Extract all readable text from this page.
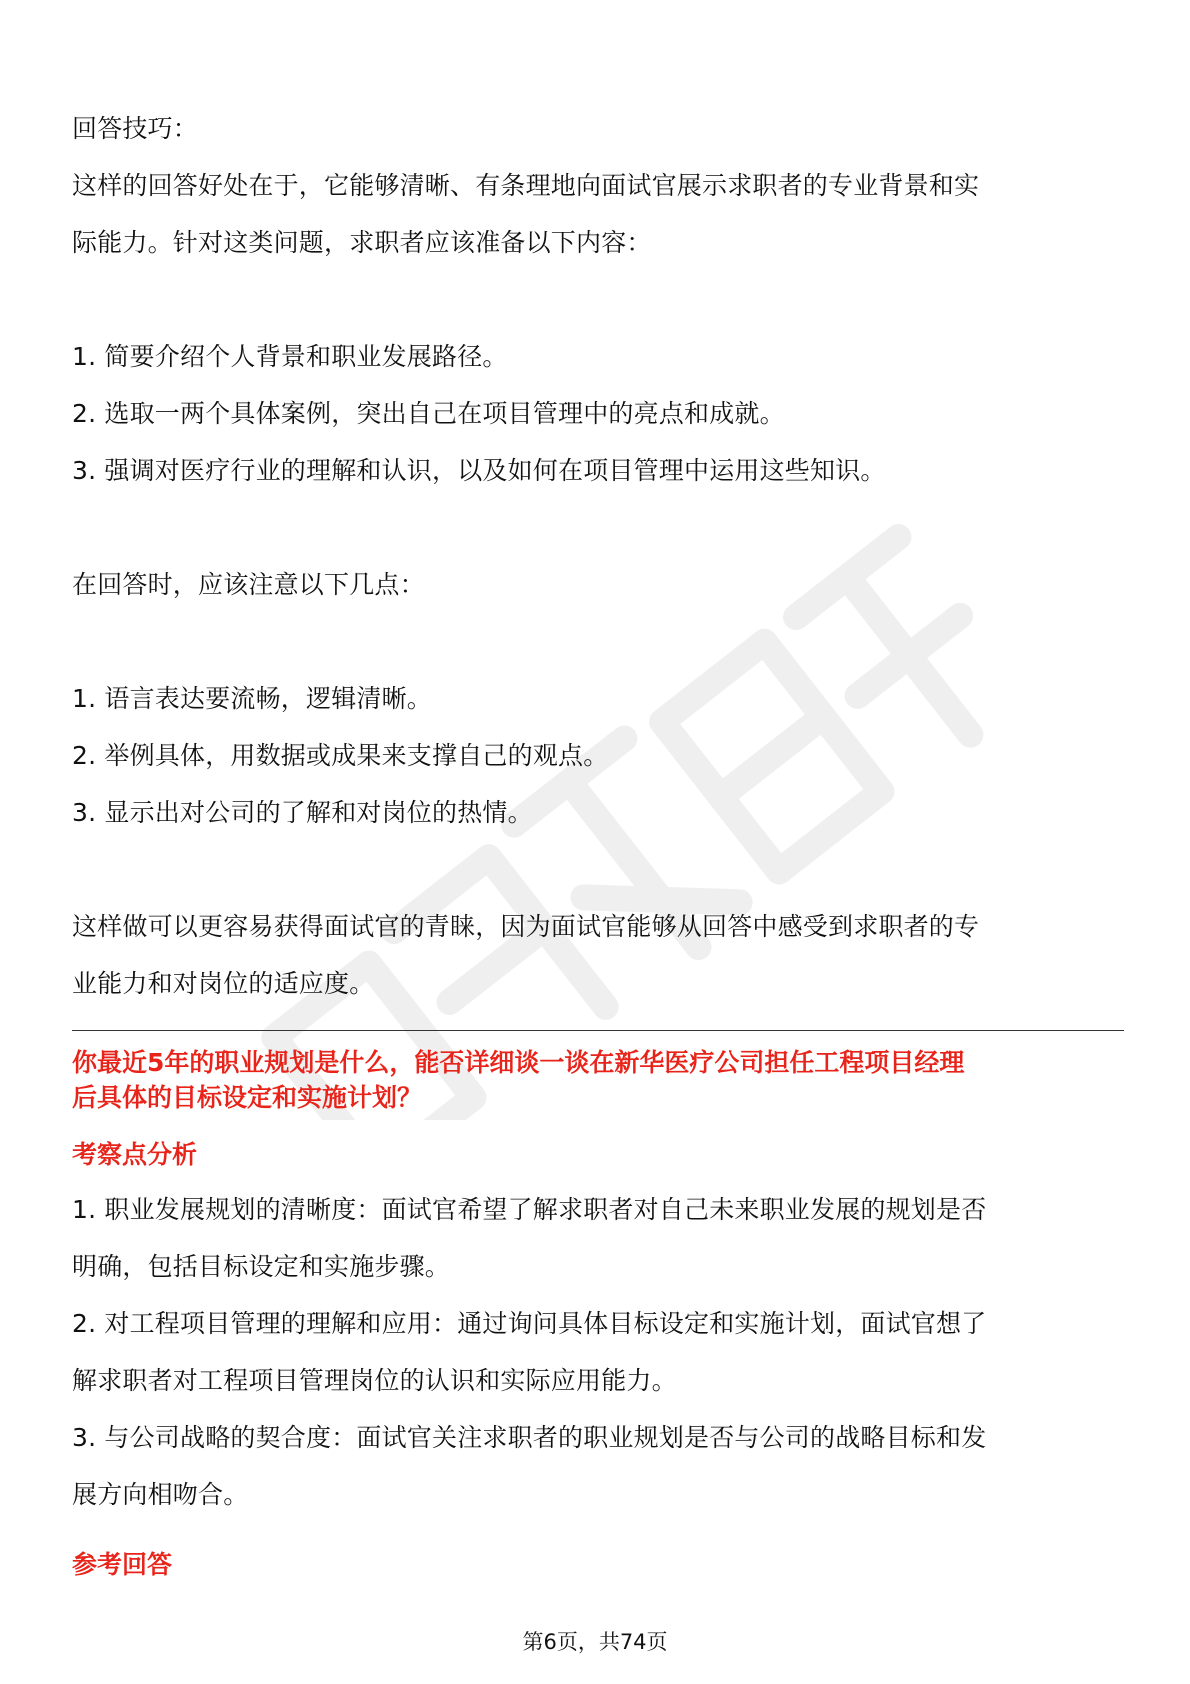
回答技巧：

这样的回答好处在于，它能够清晰、有条理地向面试官展示求职者的专业背景和实

际能力。针对这类问题，求职者应该准备以下内容：

1. 简要介绍个人背景和职业发展路径。

2. 选取一两个具体案例，突出自己在项目管理中的亮点和成就。

3. 强调对医疗行业的理解和认识，以及如何在项目管理中运用这些知识。

在回答时，应该注意以下几点：

1. 语言表达要流畅，逻辑清晰。

2. 举例具体，用数据或成果来支撑自己的观点。

3. 显示出对公司的了解和对岗位的热情。

这样做可以更容易获得面试官的青睐，因为面试官能够从回答中感受到求职者的专

业能力和对岗位的适应度。

你最近5年的职业规划是什么，能否详细谈一谈在新华医疗公司担任工程项目经理

后具体的目标设定和实施计划？

考察点分析

1. 职业发展规划的清晰度：面试官希望了解求职者对自己未来职业发展的规划是否

明确，包括目标设定和实施步骤。

2. 对工程项目管理的理解和应用：通过询问具体目标设定和实施计划，面试官想了

解求职者对工程项目管理岗位的认识和实际应用能力。

3. 与公司战略的契合度：面试官关注求职者的职业规划是否与公司的战略目标和发

展方向相吻合。

参考回答

第6页，共74页
